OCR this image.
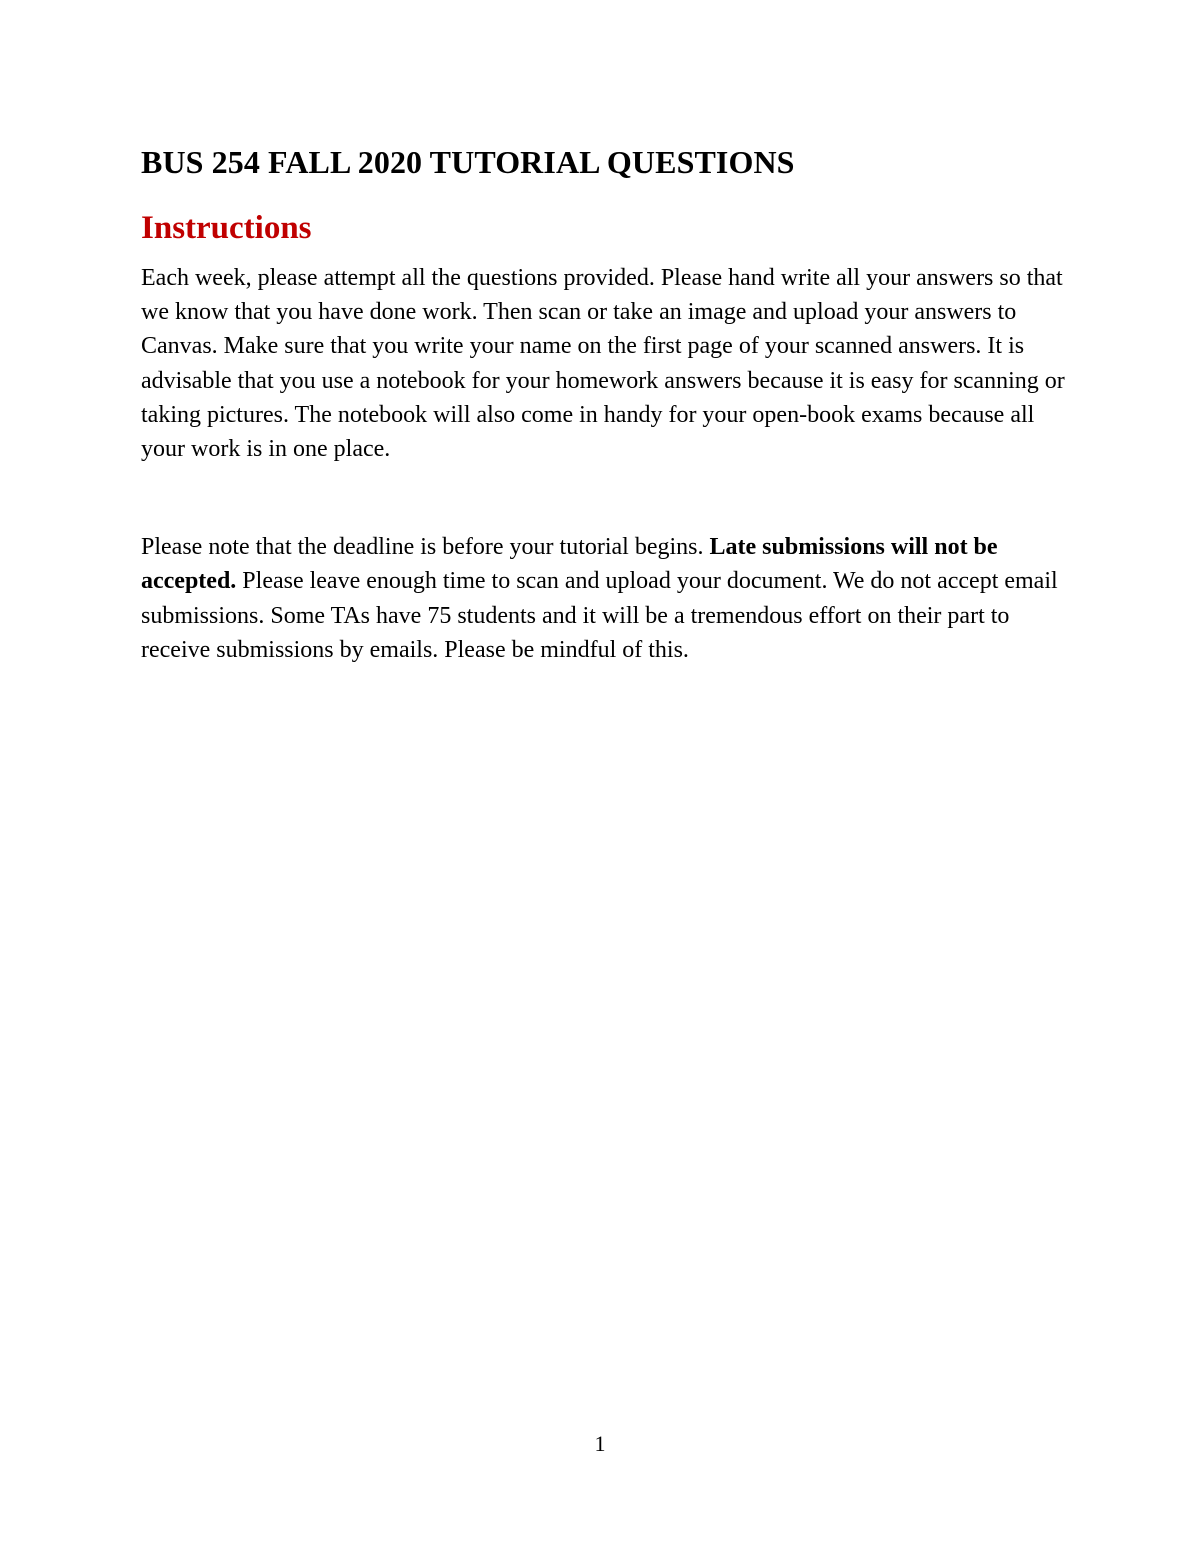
BUS 254 FALL 2020 TUTORIAL QUESTIONS
Instructions

Each week, please attempt all the questions provided. Please hand write all your answers so that we know that you have done work. Then scan or take an image and upload your answers to Canvas. Make sure that you write your name on the first page of your scanned answers. It is advisable that you use a notebook for your homework answers because it is easy for scanning or taking pictures. The notebook will also come in handy for your open-book exams because all your work is in one place.

Please note that the deadline is before your tutorial begins. Late submissions will not be accepted. Please leave enough time to scan and upload your document. We do not accept email submissions. Some TAs have 75 students and it will be a tremendous effort on their part to receive submissions by emails. Please be mindful of this.

1
